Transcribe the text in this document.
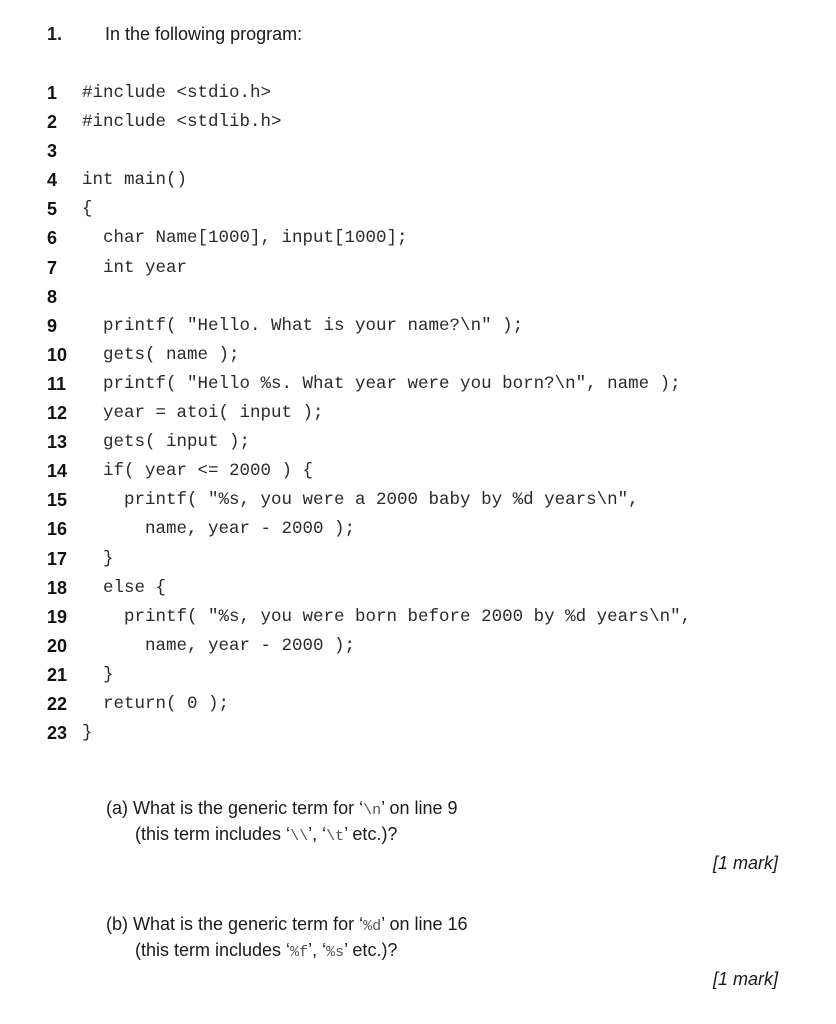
1. In the following program:
1 #include <stdio.h>
2 #include <stdlib.h>
3
4 int main()
5 {
6 char Name[1000], input[1000];
7 int year
8
9 printf( "Hello. What is your name?\n" );
10 gets( name );
11 printf( "Hello %s. What year were you born?\n", name );
12 year = atoi( input );
13 gets( input );
14 if( year <= 2000 ) {
15 printf( "%s, you were a 2000 baby by %d years\n",
16 name, year - 2000 );
17 }
18 else {
19 printf( "%s, you were born before 2000 by %d years\n",
20 name, year - 2000 );
21 }
22 return( 0 );
23 }
(a) What is the generic term for ‘\n’ on line 9
(this term includes ‘\\’, ‘\t’ etc.)?
[1 mark]
(b) What is the generic term for ‘%d’ on line 16
(this term includes ‘%f’, ‘%s’ etc.)?
[1 mark]
